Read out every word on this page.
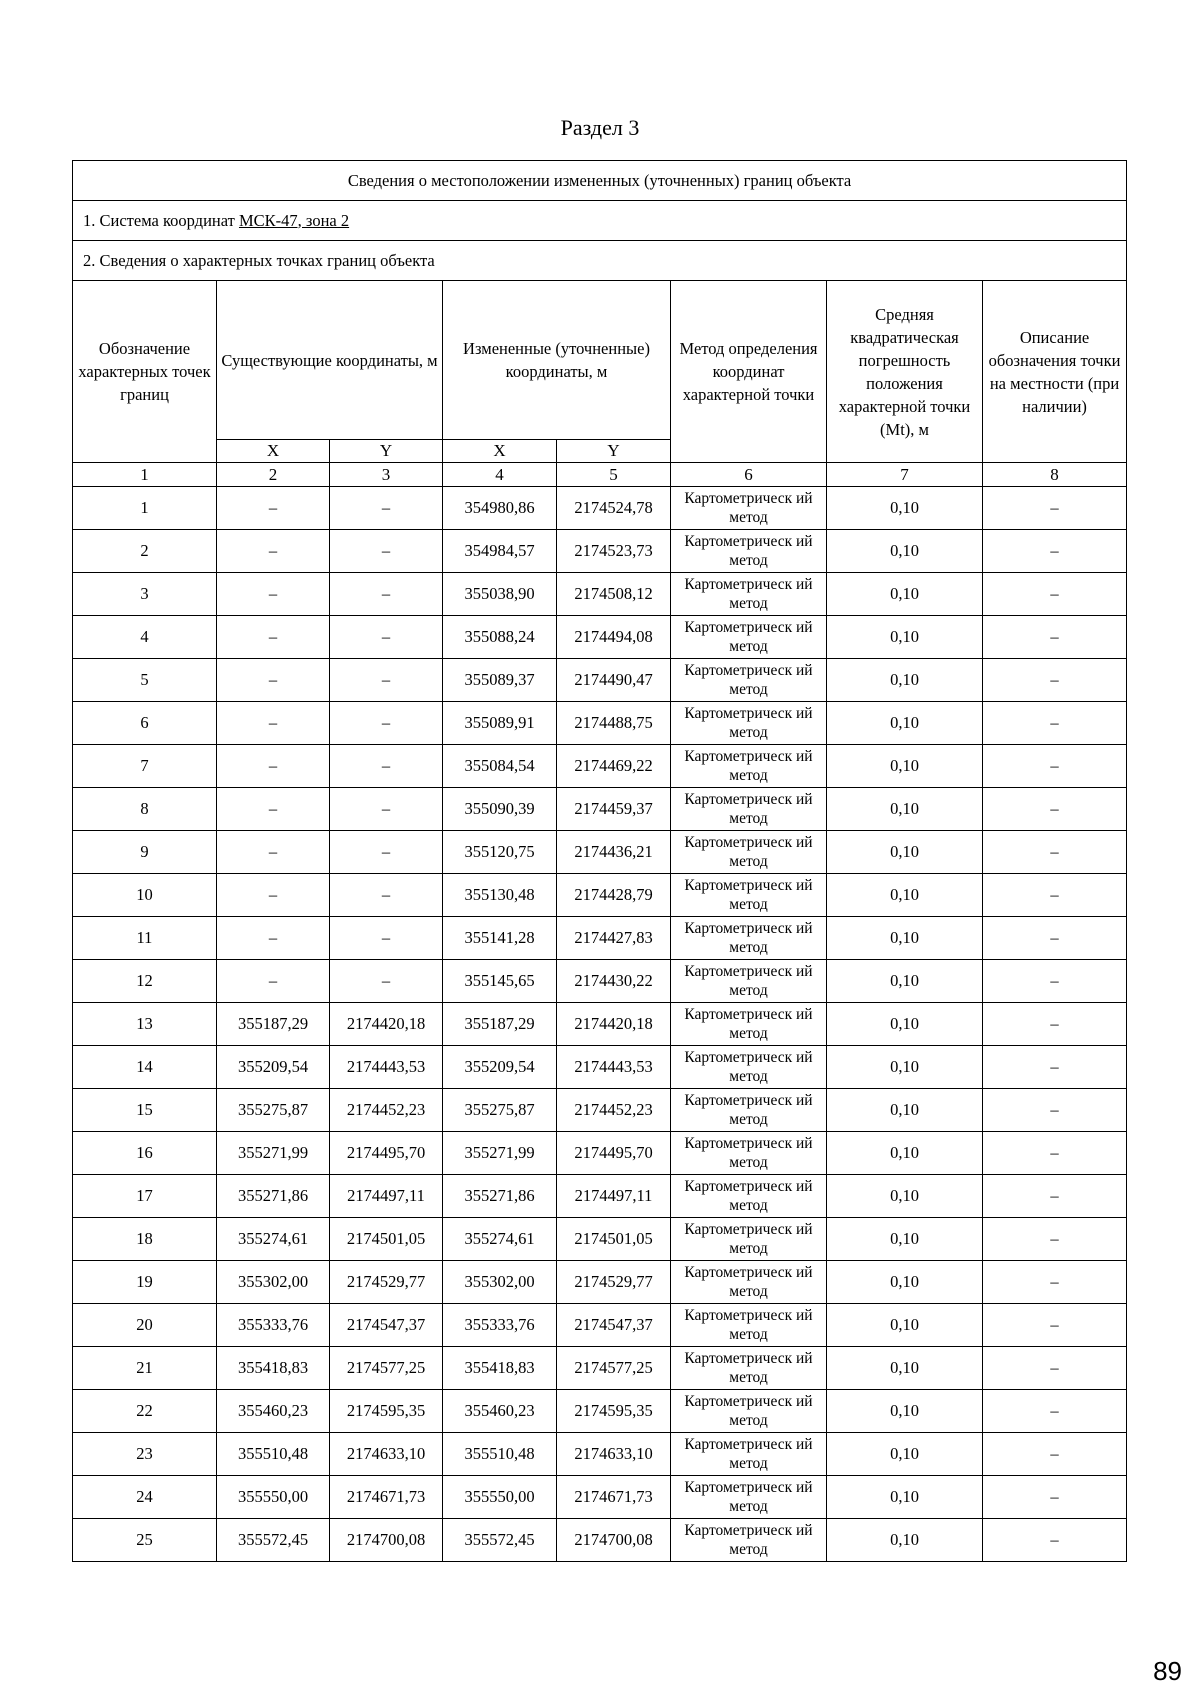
Раздел 3
Сведения о местоположении измененных (уточненных) границ объекта							
1. Система координат МСК-47, зона 2							
2. Сведения о характерных точках границ объекта							
Обозначение характерных точек границ	Существующие координаты, м		Измененные (уточненные) координаты, м		Метод определения координат характерной точки	Средняя квадратическая погрешность положения характерной точки (Mt), м	Описание обозначения точки на местности (при наличии)
	X	Y	X	Y			
1	2	3	4	5	6	7	8
1	–	–	354980,86	2174524,78	Картометрическ ий метод	0,10	–
2	–	–	354984,57	2174523,73	Картометрическ ий метод	0,10	–
3	–	–	355038,90	2174508,12	Картометрическ ий метод	0,10	–
4	–	–	355088,24	2174494,08	Картометрическ ий метод	0,10	–
5	–	–	355089,37	2174490,47	Картометрическ ий метод	0,10	–
6	–	–	355089,91	2174488,75	Картометрическ ий метод	0,10	–
7	–	–	355084,54	2174469,22	Картометрическ ий метод	0,10	–
8	–	–	355090,39	2174459,37	Картометрическ ий метод	0,10	–
9	–	–	355120,75	2174436,21	Картометрическ ий метод	0,10	–
10	–	–	355130,48	2174428,79	Картометрическ ий метод	0,10	–
11	–	–	355141,28	2174427,83	Картометрическ ий метод	0,10	–
12	–	–	355145,65	2174430,22	Картометрическ ий метод	0,10	–
13	355187,29	2174420,18	355187,29	2174420,18	Картометрическ ий метод	0,10	–
14	355209,54	2174443,53	355209,54	2174443,53	Картометрическ ий метод	0,10	–
15	355275,87	2174452,23	355275,87	2174452,23	Картометрическ ий метод	0,10	–
16	355271,99	2174495,70	355271,99	2174495,70	Картометрическ ий метод	0,10	–
17	355271,86	2174497,11	355271,86	2174497,11	Картометрическ ий метод	0,10	–
18	355274,61	2174501,05	355274,61	2174501,05	Картометрическ ий метод	0,10	–
19	355302,00	2174529,77	355302,00	2174529,77	Картометрическ ий метод	0,10	–
20	355333,76	2174547,37	355333,76	2174547,37	Картометрическ ий метод	0,10	–
21	355418,83	2174577,25	355418,83	2174577,25	Картометрическ ий метод	0,10	–
22	355460,23	2174595,35	355460,23	2174595,35	Картометрическ ий метод	0,10	–
23	355510,48	2174633,10	355510,48	2174633,10	Картометрическ ий метод	0,10	–
24	355550,00	2174671,73	355550,00	2174671,73	Картометрическ ий метод	0,10	–
25	355572,45	2174700,08	355572,45	2174700,08	Картометрическ ий метод	0,10	–
89
